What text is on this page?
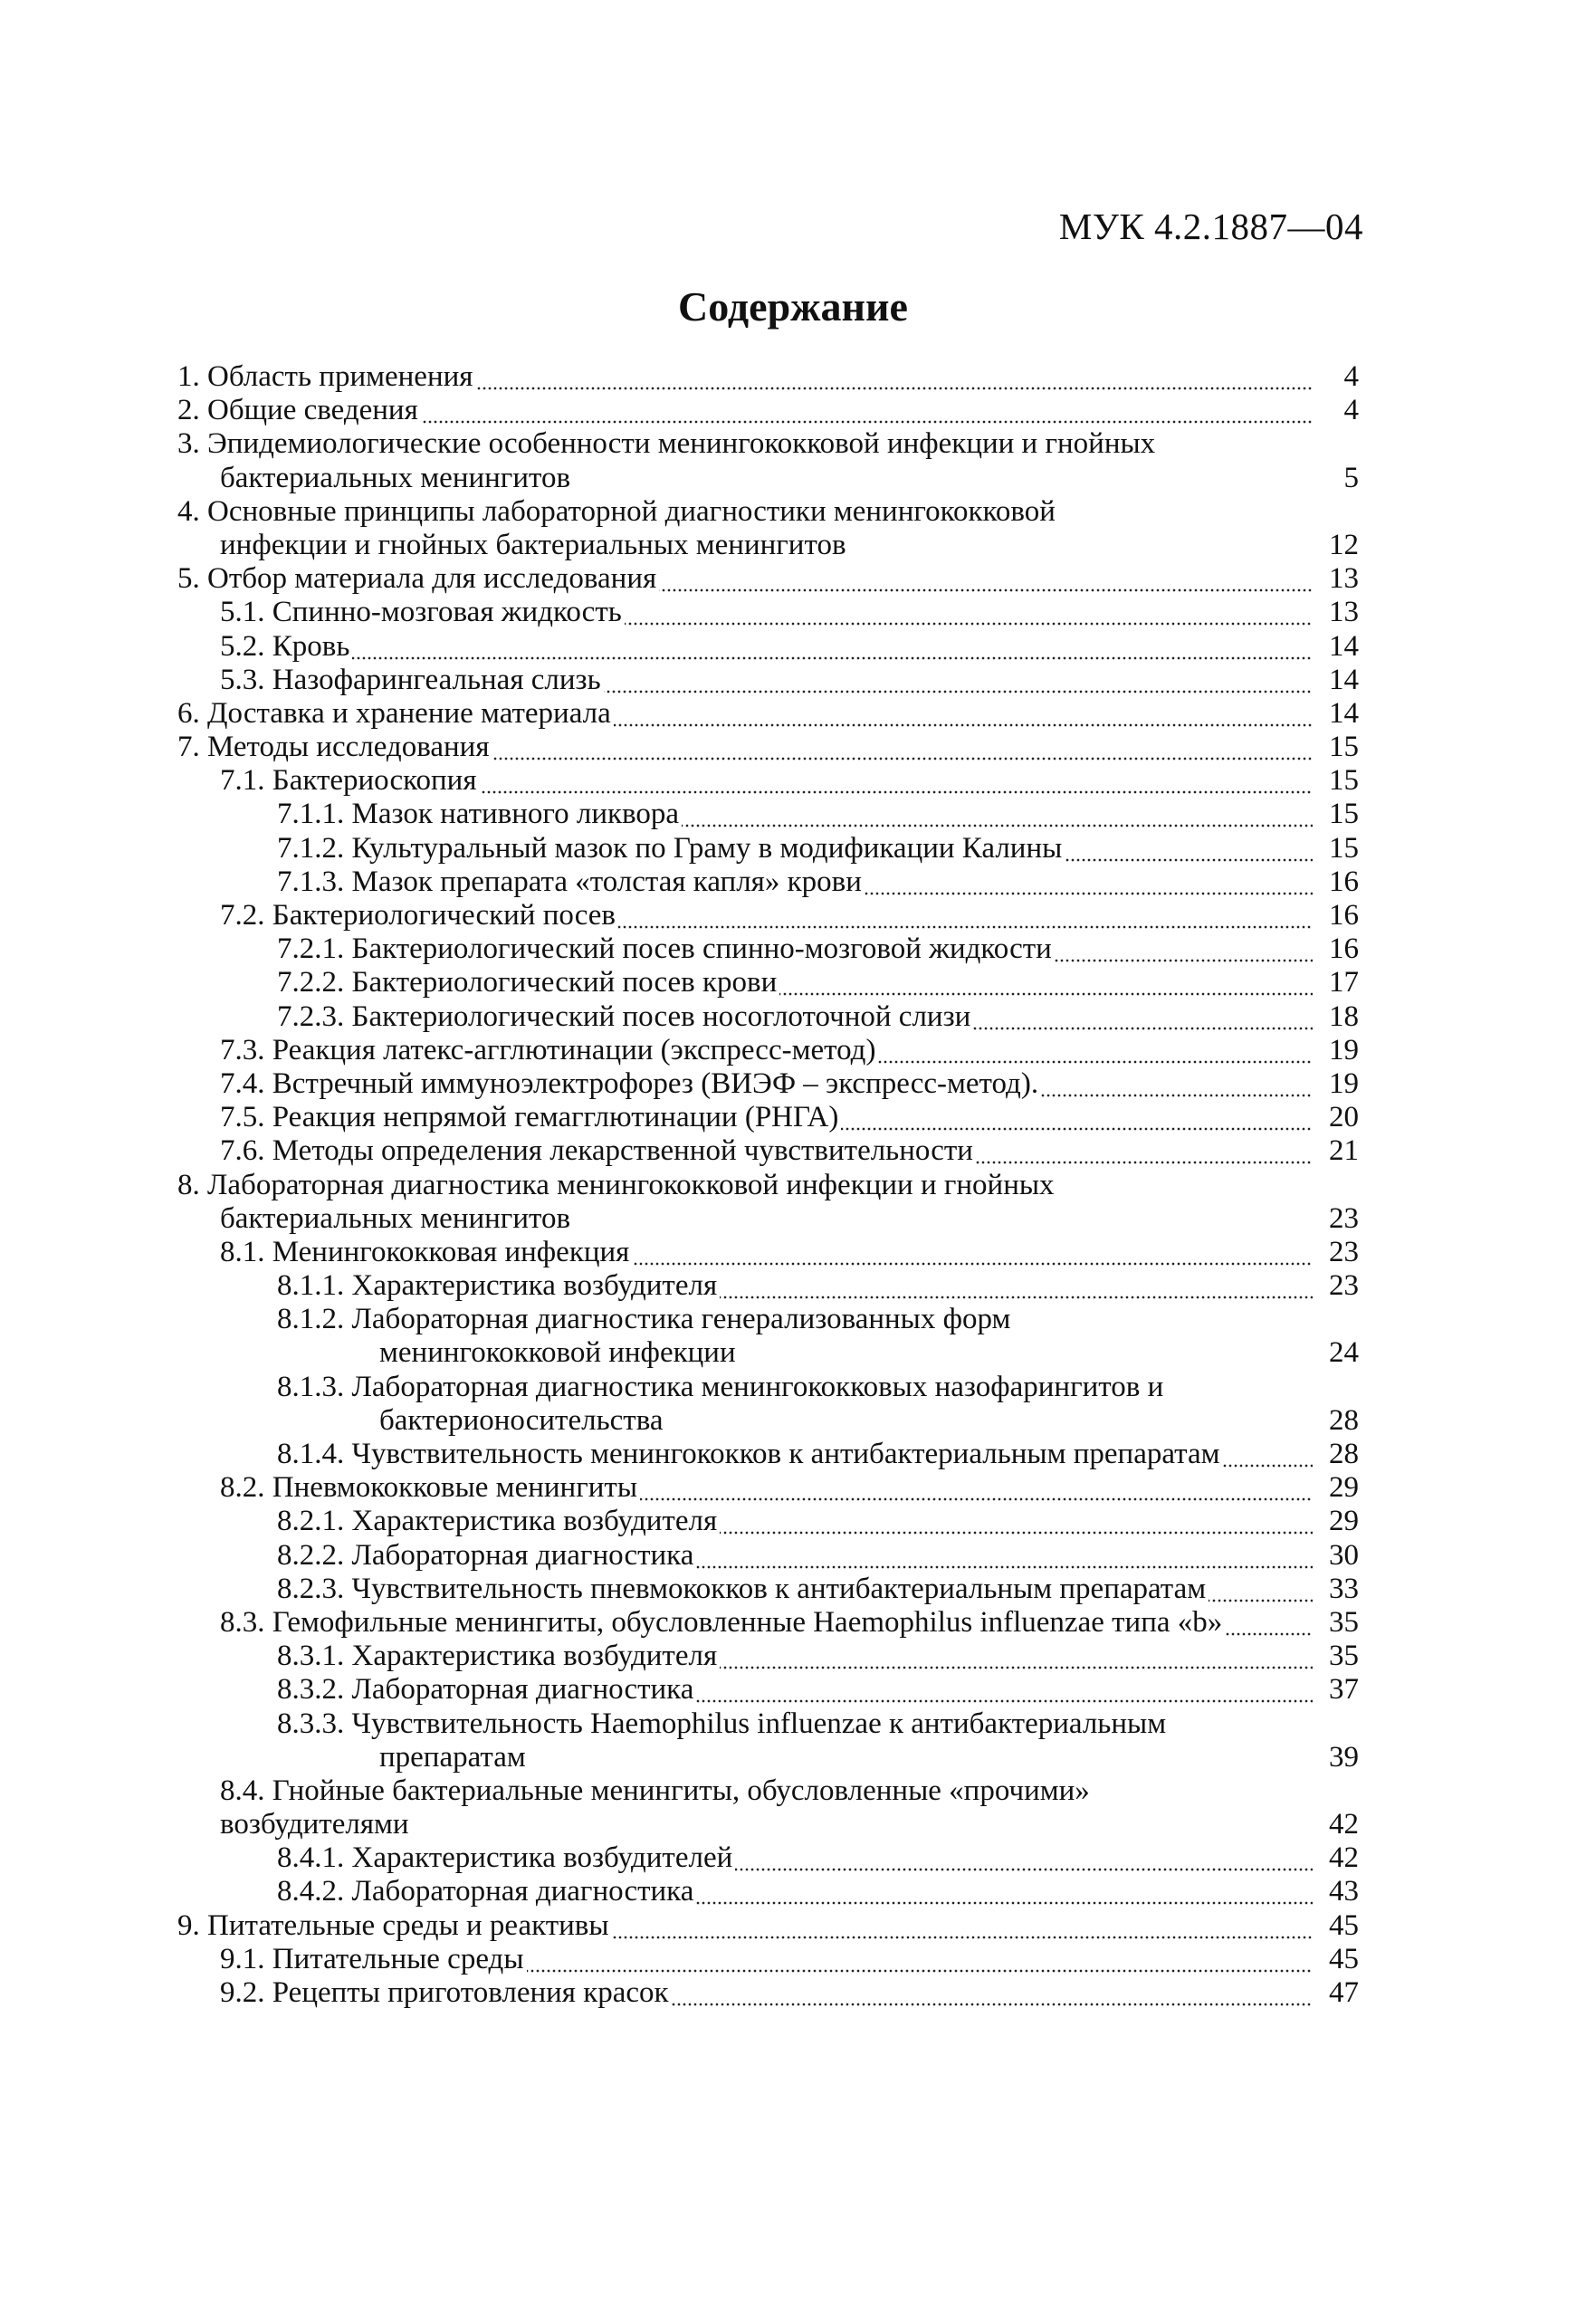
МУК 4.2.1887—04
Содержание
1. Область применения	4
2. Общие сведения	4
3. Эпидемиологические особенности менингококковой инфекции и гнойных
бактериальных менингитов	5
4. Основные принципы лабораторной диагностики менингококковой
инфекции и гнойных бактериальных менингитов	12
5. Отбор материала для исследования	13
5.1. Спинно-мозговая жидкость	13
5.2. Кровь	14
5.3. Назофарингеальная слизь	14
6. Доставка и хранение материала	14
7. Методы исследования	15
7.1. Бактериоскопия	15
7.1.1. Мазок нативного ликвора	15
7.1.2. Культуральный мазок по Граму в модификации Калины	15
7.1.3. Мазок препарата «толстая капля» крови	16
7.2. Бактериологический посев	16
7.2.1. Бактериологический посев спинно-мозговой жидкости	16
7.2.2. Бактериологический посев крови	17
7.2.3. Бактериологический посев носоглоточной слизи	18
7.3. Реакция латекс-агглютинации (экспресс-метод)	19
7.4. Встречный иммуноэлектрофорез (ВИЭФ – экспресс-метод).	19
7.5. Реакция непрямой гемагглютинации (РНГА)	20
7.6. Методы определения лекарственной чувствительности	21
8. Лабораторная диагностика менингококковой инфекции и гнойных
бактериальных менингитов	23
8.1. Менингококковая инфекция	23
8.1.1. Характеристика возбудителя	23
8.1.2. Лабораторная диагностика генерализованных форм
менингококковой инфекции	24
8.1.3. Лабораторная диагностика менингококковых назофарингитов и
бактерионосительства	28
8.1.4. Чувствительность менингококков к антибактериальным препаратам	28
8.2. Пневмококковые менингиты	29
8.2.1. Характеристика возбудителя	29
8.2.2. Лабораторная диагностика	30
8.2.3. Чувствительность пневмококков к антибактериальным препаратам	33
8.3. Гемофильные менингиты, обусловленные Haemophilus influenzae типа «b»	35
8.3.1. Характеристика возбудителя	35
8.3.2. Лабораторная диагностика	37
8.3.3. Чувствительность Haemophilus influenzae к антибактериальным
препаратам	39
8.4. Гнойные бактериальные менингиты, обусловленные «прочими»
возбудителями	42
8.4.1. Характеристика возбудителей	42
8.4.2. Лабораторная диагностика	43
9. Питательные среды и реактивы	45
9.1. Питательные среды	45
9.2. Рецепты приготовления красок	47
